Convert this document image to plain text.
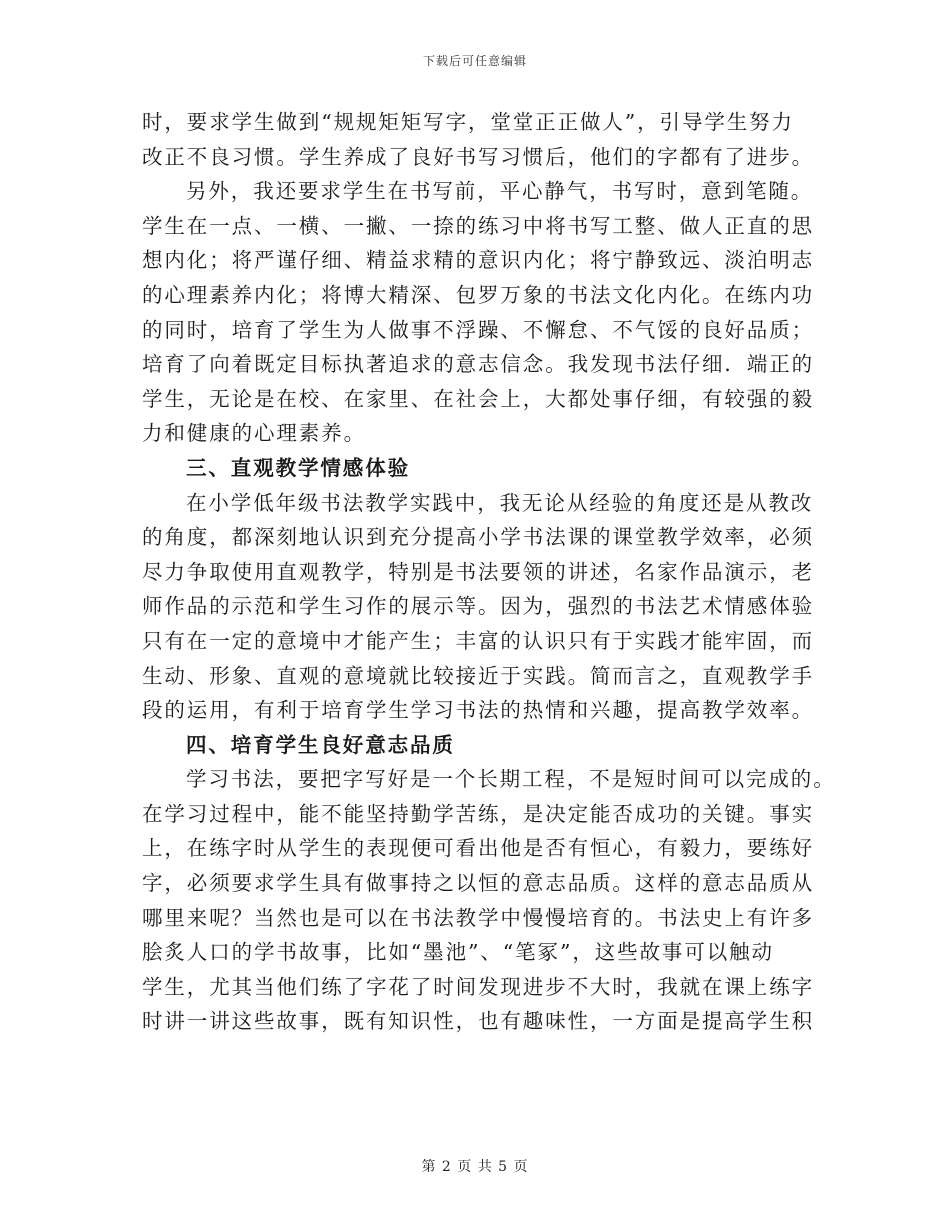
下载后可任意编辑
时，要求学生做到“规规矩矩写字，堂堂正正做人”，引导学生努力
改正不良习惯。学生养成了良好书写习惯后，他们的字都有了进步。
另外，我还要求学生在书写前，平心静气，书写时，意到笔随。
学生在一点、一横、一撇、一捺的练习中将书写工整、做人正直的思
想内化；将严谨仔细、精益求精的意识内化；将宁静致远、淡泊明志
的心理素养内化；将博大精深、包罗万象的书法文化内化。在练内功
的同时，培育了学生为人做事不浮躁、不懈怠、不气馁的良好品质；
培育了向着既定目标执著追求的意志信念。我发现书法仔细．端正的
学生，无论是在校、在家里、在社会上，大都处事仔细，有较强的毅
力和健康的心理素养。
三、直观教学情感体验
在小学低年级书法教学实践中，我无论从经验的角度还是从教改
的角度，都深刻地认识到充分提高小学书法课的课堂教学效率，必须
尽力争取使用直观教学，特别是书法要领的讲述，名家作品演示，老
师作品的示范和学生习作的展示等。因为，强烈的书法艺术情感体验
只有在一定的意境中才能产生；丰富的认识只有于实践才能牢固，而
生动、形象、直观的意境就比较接近于实践。简而言之，直观教学手
段的运用，有利于培育学生学习书法的热情和兴趣，提高教学效率。
四、培育学生良好意志品质
学习书法，要把字写好是一个长期工程，不是短时间可以完成的。
在学习过程中，能不能坚持勤学苦练，是决定能否成功的关键。事实
上，在练字时从学生的表现便可看出他是否有恒心，有毅力，要练好
字，必须要求学生具有做事持之以恒的意志品质。这样的意志品质从
哪里来呢？当然也是可以在书法教学中慢慢培育的。书法史上有许多
脍炙人口的学书故事，比如“墨池”、“笔冢”，这些故事可以触动
学生，尤其当他们练了字花了时间发现进步不大时，我就在课上练字
时讲一讲这些故事，既有知识性，也有趣味性，一方面是提高学生积
第 2 页 共 5 页
